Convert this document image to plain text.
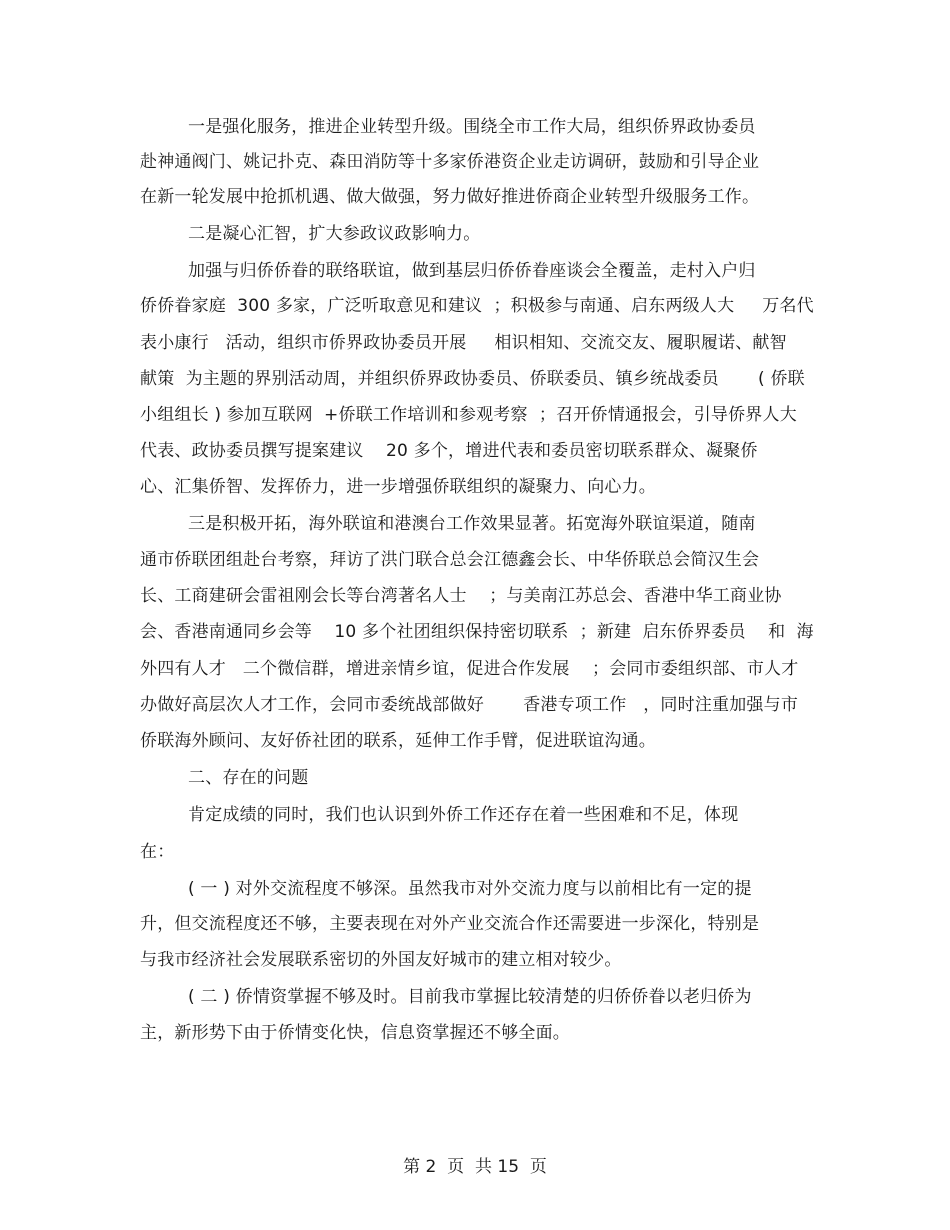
一是强化服务，推进企业转型升级。围绕全市工作大局，组织侨界政协委员
赴神通阀门、姚记扑克、森田消防等十多家侨港资企业走访调研，鼓励和引导企业
在新一轮发展中抢抓机遇、做大做强，努力做好推进侨商企业转型升级服务工作。
二是凝心汇智，扩大参政议政影响力。
加强与归侨侨眷的联络联谊，做到基层归侨侨眷座谈会全覆盖，走村入户归
侨侨眷家庭  300 多家，广泛听取意见和建议  ；积极参与南通、启东两级人大     万名代
表小康行   活动，组织市侨界政协委员开展     相识相知、交流交友、履职履诺、献智
献策  为主题的界别活动周，并组织侨界政协委员、侨联委员、镇乡统战委员       ( 侨联
小组组长 ) 参加互联网  +侨联工作培训和参观考察  ；召开侨情通报会，引导侨界人大
代表、政协委员撰写提案建议    20 多个，增进代表和委员密切联系群众、凝聚侨
心、汇集侨智、发挥侨力，进一步增强侨联组织的凝聚力、向心力。
三是积极开拓，海外联谊和港澳台工作效果显著。拓宽海外联谊渠道，随南
通市侨联团组赴台考察，拜访了洪门联合总会江德鑫会长、中华侨联总会简汉生会
长、工商建研会雷祖刚会长等台湾著名人士    ；与美南江苏总会、香港中华工商业协
会、香港南通同乡会等    10 多个社团组织保持密切联系  ；新建  启东侨界委员    和  海
外四有人才   二个微信群，增进亲情乡谊，促进合作发展    ；会同市委组织部、市人才
办做好高层次人才工作，会同市委统战部做好       香港专项工作   ，同时注重加强与市
侨联海外顾问、友好侨社团的联系，延伸工作手臂，促进联谊沟通。
二、存在的问题
肯定成绩的同时，我们也认识到外侨工作还存在着一些困难和不足，体现
在：
( 一 ) 对外交流程度不够深。虽然我市对外交流力度与以前相比有一定的提
升，但交流程度还不够，主要表现在对外产业交流合作还需要进一步深化，特别是
与我市经济社会发展联系密切的外国友好城市的建立相对较少。
( 二 ) 侨情资掌握不够及时。目前我市掌握比较清楚的归侨侨眷以老归侨为
主，新形势下由于侨情变化快，信息资掌握还不够全面。
第 2  页  共 15  页
